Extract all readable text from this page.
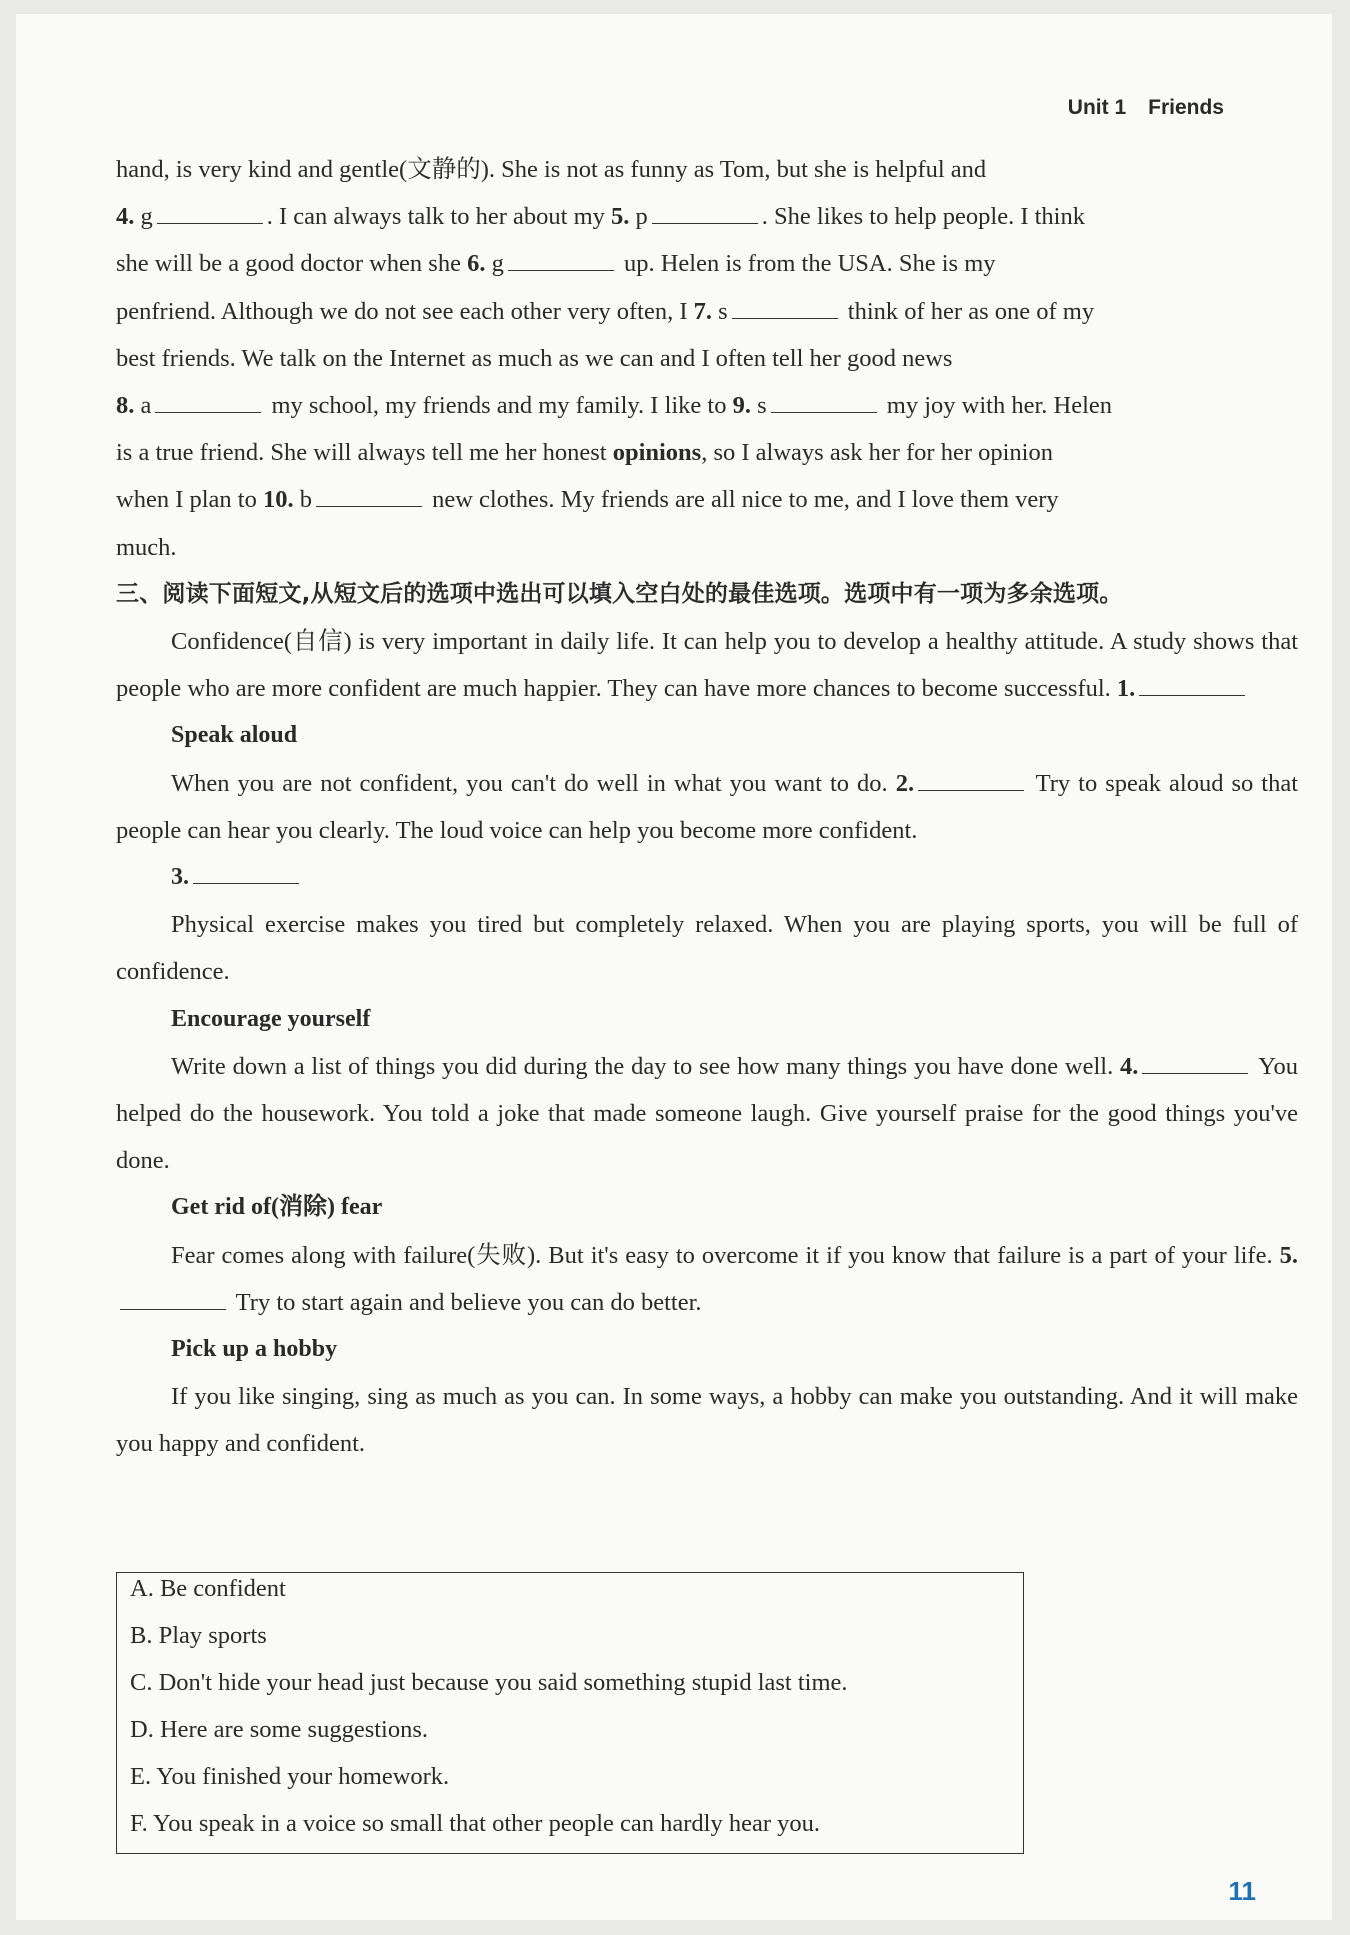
Unit 1 Friends
hand, is very kind and gentle(文静的). She is not as funny as Tom, but she is helpful and
4. g	. I can always talk to her about my 5. p	. She likes to help people. I think
she will be a good doctor when she 6. g	up. Helen is from the USA. She is my
penfriend. Although we do not see each other very often, I 7. s	think of her as one of my
best friends. We talk on the Internet as much as we can and I often tell her good news
8. a	my school, my friends and my family. I like to 9. s	my joy with her. Helen
is a true friend. She will always tell me her honest opinions, so I always ask her for her opinion
when I plan to 10. b	new clothes. My friends are all nice to me, and I love them very
much.
三、阅读下面短文,从短文后的选项中选出可以填入空白处的最佳选项。选项中有一项为多余选项。
Confidence(自信) is very important in daily life. It can help you to develop a healthy attitude. A study shows that people who are more confident are much happier. They can have more chances to become successful. 1.
Speak aloud
When you are not confident, you can't do well in what you want to do. 2.	Try to speak aloud so that people can hear you clearly. The loud voice can help you become more confident.
3.
Physical exercise makes you tired but completely relaxed. When you are playing sports, you will be full of confidence.
Encourage yourself
Write down a list of things you did during the day to see how many things you have done well. 4.	You helped do the housework. You told a joke that made someone laugh. Give yourself praise for the good things you've done.
Get rid of(消除) fear
Fear comes along with failure(失败). But it's easy to overcome it if you know that failure is a part of your life. 5. Try to start again and believe you can do better.
Pick up a hobby
If you like singing, sing as much as you can. In some ways, a hobby can make you outstanding. And it will make you happy and confident.
A. Be confident
B. Play sports
C. Don't hide your head just because you said something stupid last time.
D. Here are some suggestions.
E. You finished your homework.
F. You speak in a voice so small that other people can hardly hear you.
11
